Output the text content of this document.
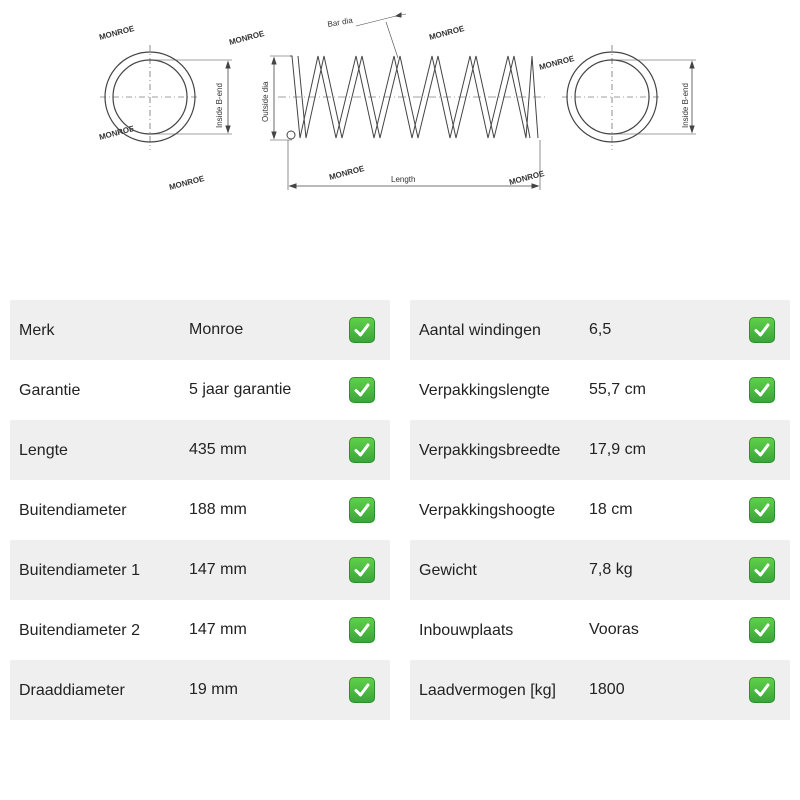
MONROE	MONROE	MONROE
MONROE
MONROE
MONROE
MONROE	MONROE
Inside B-end	Inside B-end
Outside dia
Length
Bar dia
Merk	Monroe
Garantie	5 jaar garantie
Lengte	435 mm
Buitendiameter	188 mm
Buitendiameter 1	147 mm
Buitendiameter 2	147 mm
Draaddiameter	19 mm
Aantal windingen	6,5
Verpakkingslengte 55,7 cm
Verpakkingsbreedte 17,9 cm
Verpakkingshoogte 18 cm
Gewicht	7,8 kg
Inbouwplaats	Vooras
Laadvermogen [kg] 1800
